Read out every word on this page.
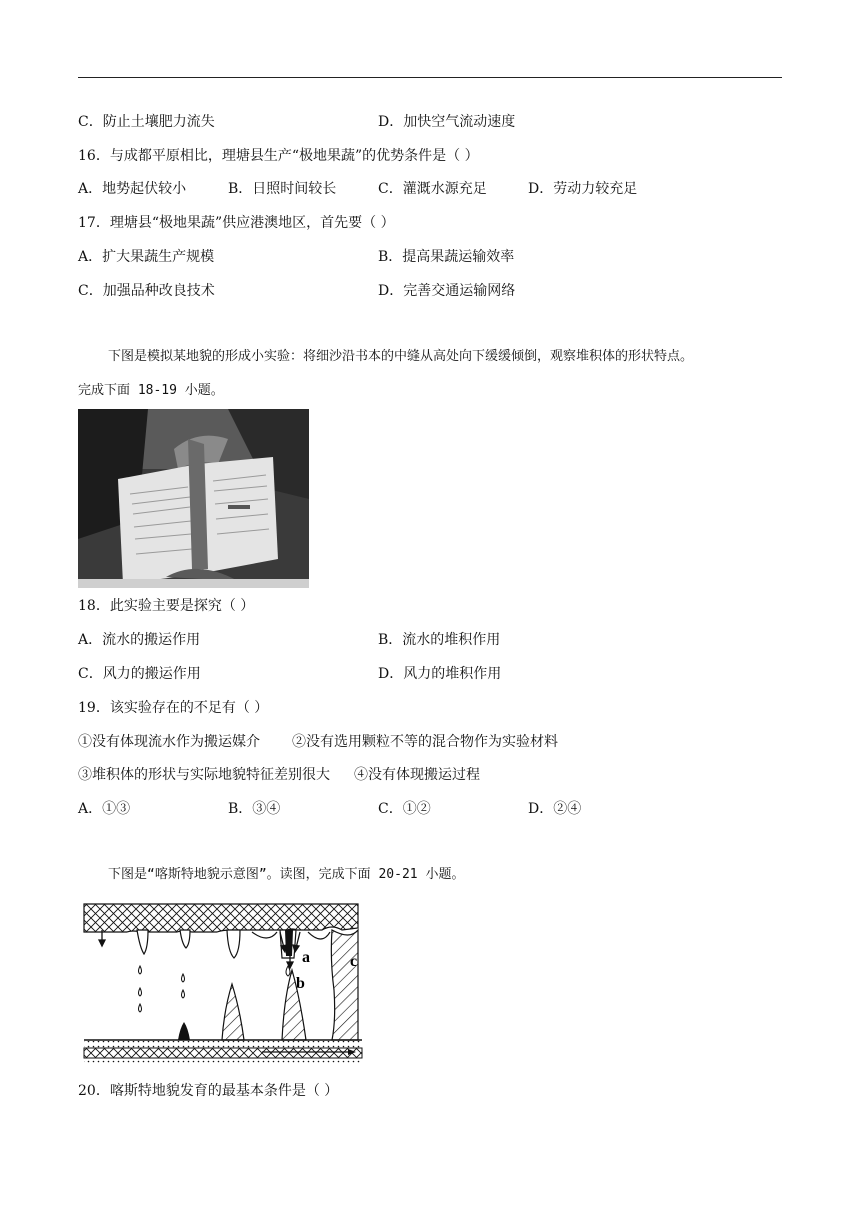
C．防止土壤肥力流失	D．加快空气流动速度
16．与成都平原相比，理塘县生产“极地果蔬”的优势条件是（ ）
A．地势起伏较小	B．日照时间较长	C．灌溉水源充足	D．劳动力较充足
17．理塘县“极地果蔬”供应港澳地区，首先要（ ）
A．扩大果蔬生产规模	B．提高果蔬运输效率
C．加强品种改良技术	D．完善交通运输网络
下图是模拟某地貌的形成小实验：将细沙沿书本的中缝从高处向下缓缓倾倒，观察堆积体的形状特点。
完成下面 18-19 小题。
18．此实验主要是探究（ ）
A．流水的搬运作用	B．流水的堆积作用
C．风力的搬运作用	D．风力的堆积作用
19．该实验存在的不足有（ ）
①没有体现流水作为搬运媒介 ②没有选用颗粒不等的混合物作为实验材料
③堆积体的形状与实际地貌特征差别很大 ④没有体现搬运过程
A．①③	B．③④	C．①②	D．②④
下图是“喀斯特地貌示意图”。读图，完成下面 20-21 小题。
a
b
c
20．喀斯特地貌发育的最基本条件是（ ）
